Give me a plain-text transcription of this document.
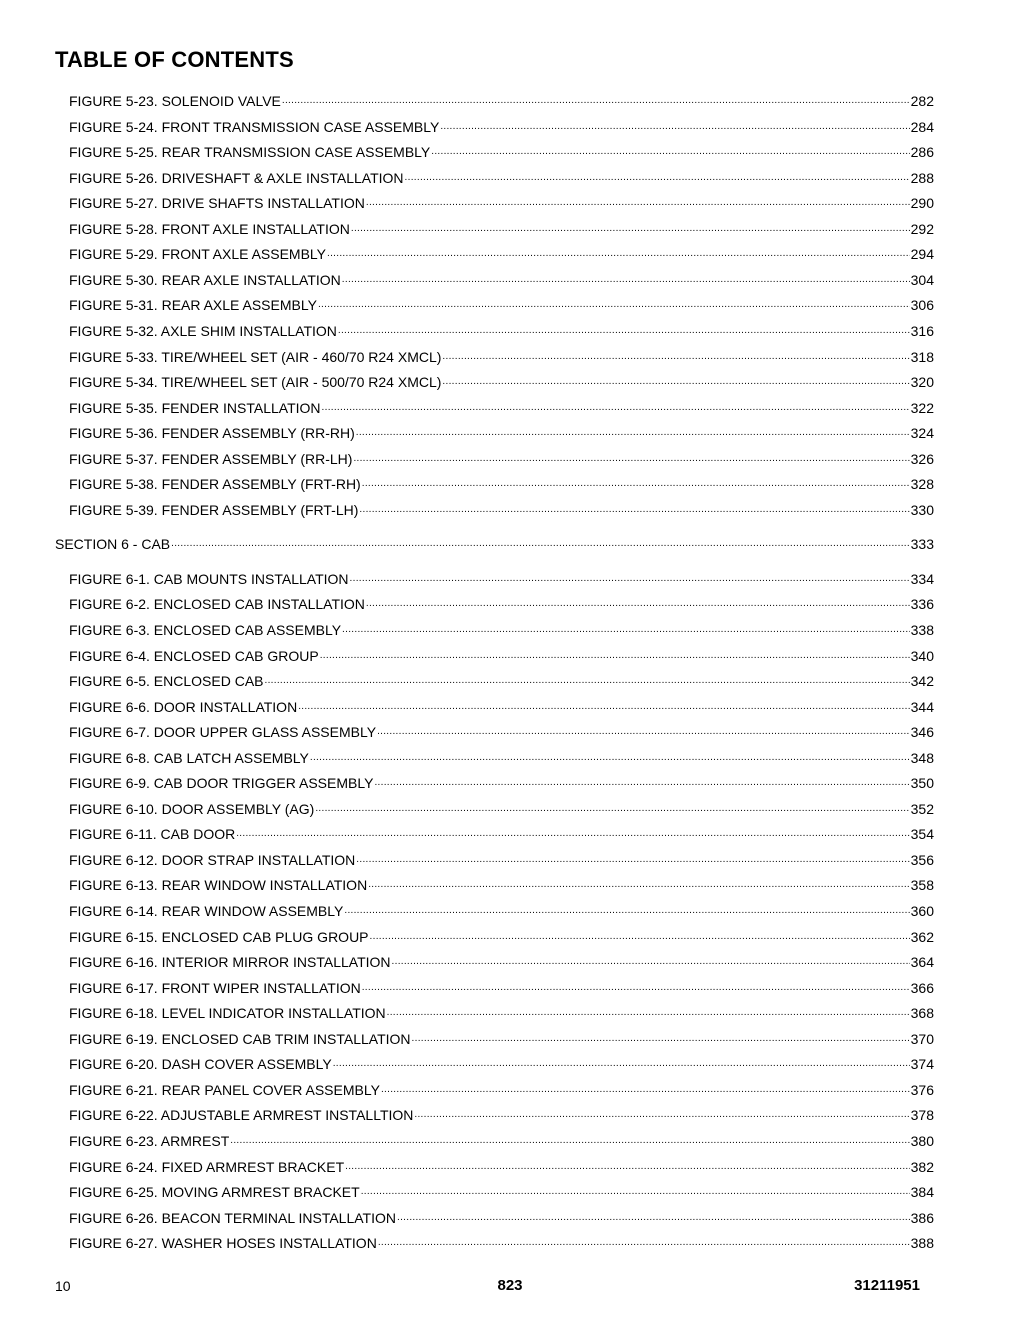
TABLE OF CONTENTS
FIGURE 5-23. SOLENOID VALVE .....	282
FIGURE 5-24. FRONT TRANSMISSION CASE ASSEMBLY .....	284
FIGURE 5-25. REAR TRANSMISSION CASE ASSEMBLY .....	286
FIGURE 5-26. DRIVESHAFT & AXLE INSTALLATION .....	288
FIGURE 5-27. DRIVE SHAFTS INSTALLATION .....	290
FIGURE 5-28. FRONT AXLE INSTALLATION .....	292
FIGURE 5-29. FRONT AXLE ASSEMBLY .....	294
FIGURE 5-30. REAR AXLE INSTALLATION .....	304
FIGURE 5-31. REAR AXLE ASSEMBLY .....	306
FIGURE 5-32. AXLE SHIM INSTALLATION .....	316
FIGURE 5-33. TIRE/WHEEL SET (AIR - 460/70 R24 XMCL) .....	318
FIGURE 5-34. TIRE/WHEEL SET (AIR - 500/70 R24 XMCL) .....	320
FIGURE 5-35. FENDER INSTALLATION .....	322
FIGURE 5-36. FENDER ASSEMBLY (RR-RH) .....	324
FIGURE 5-37. FENDER ASSEMBLY (RR-LH) .....	326
FIGURE 5-38. FENDER ASSEMBLY (FRT-RH) .....	328
FIGURE 5-39. FENDER ASSEMBLY (FRT-LH) .....	330
SECTION 6 - CAB .....	333
FIGURE 6-1. CAB MOUNTS INSTALLATION .....	334
FIGURE 6-2. ENCLOSED CAB INSTALLATION .....	336
FIGURE 6-3. ENCLOSED CAB ASSEMBLY .....	338
FIGURE 6-4. ENCLOSED CAB GROUP .....	340
FIGURE 6-5. ENCLOSED CAB .....	342
FIGURE 6-6. DOOR INSTALLATION .....	344
FIGURE 6-7. DOOR UPPER GLASS ASSEMBLY .....	346
FIGURE 6-8. CAB LATCH ASSEMBLY .....	348
FIGURE 6-9. CAB DOOR TRIGGER ASSEMBLY .....	350
FIGURE 6-10. DOOR ASSEMBLY (AG) .....	352
FIGURE 6-11. CAB DOOR .....	354
FIGURE 6-12. DOOR STRAP INSTALLATION .....	356
FIGURE 6-13. REAR WINDOW INSTALLATION .....	358
FIGURE 6-14. REAR WINDOW ASSEMBLY .....	360
FIGURE 6-15. ENCLOSED CAB PLUG GROUP .....	362
FIGURE 6-16. INTERIOR MIRROR INSTALLATION .....	364
FIGURE 6-17. FRONT WIPER INSTALLATION .....	366
FIGURE 6-18. LEVEL INDICATOR INSTALLATION .....	368
FIGURE 6-19. ENCLOSED CAB TRIM INSTALLATION .....	370
FIGURE 6-20. DASH COVER ASSEMBLY .....	374
FIGURE 6-21. REAR PANEL COVER ASSEMBLY .....	376
FIGURE 6-22. ADJUSTABLE ARMREST INSTALLTION .....	378
FIGURE 6-23. ARMREST .....	380
FIGURE 6-24. FIXED ARMREST BRACKET .....	382
FIGURE 6-25. MOVING ARMREST BRACKET .....	384
FIGURE 6-26. BEACON TERMINAL INSTALLATION .....	386
FIGURE 6-27. WASHER HOSES INSTALLATION .....	388
10	823	31211951
